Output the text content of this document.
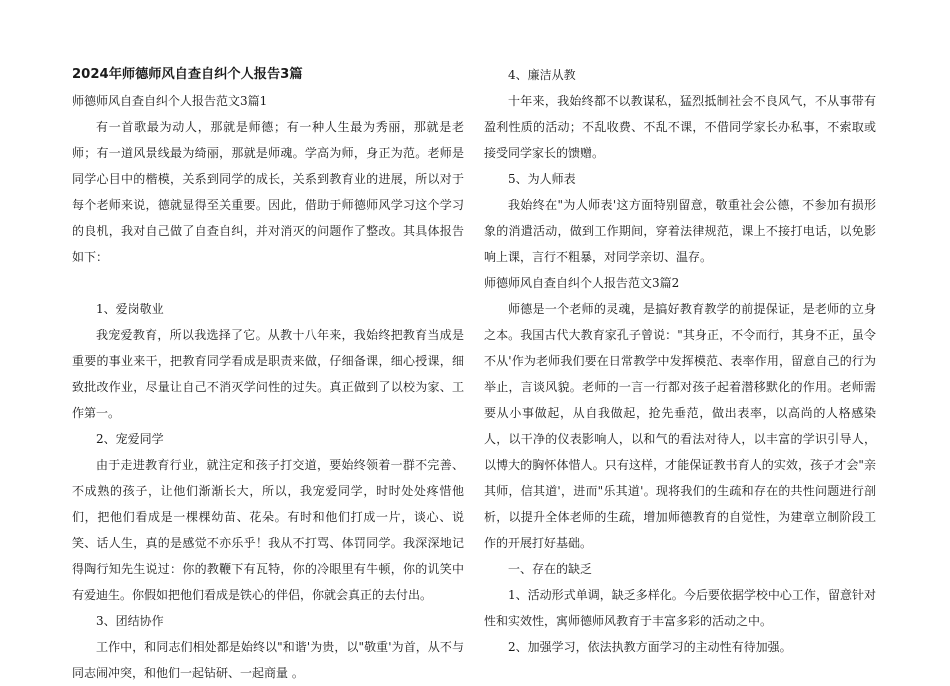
2024年师德师风自查自纠个人报告3篇
师德师风自查自纠个人报告范文3篇1

有一首歌最为动人，那就是师德；有一种人生最为秀丽，那就是老师；有一道风景线最为绮丽，那就是师魂。学高为师，身正为范。老师是同学心目中的楷模，关系到同学的成长，关系到教育业的进展，所以对于每个老师来说，德就显得至关重要。因此，借助于师德师风学习这个学习的良机，我对自己做了自查自纠，并对消灭的问题作了整改。其具体报告如下：

1、爱岗敬业

我宠爱教育，所以我选择了它。从教十八年来，我始终把教育当成是重要的事业来干，把教育同学看成是职责来做，仔细备课，细心授课，细致批改作业，尽量让自己不消灭学问性的过失。真正做到了以校为家、工作第一。

2、宠爱同学

由于走进教育行业，就注定和孩子打交道，要始终领着一群不完善、不成熟的孩子，让他们渐渐长大，所以，我宠爱同学，时时处处疼惜他们，把他们看成是一棵棵幼苗、花朵。有时和他们打成一片，谈心、说笑、话人生，真的是感觉不亦乐乎！我从不打骂、体罚同学。我深深地记得陶行知先生说过：你的教鞭下有瓦特，你的冷眼里有牛顿，你的讥笑中有爱迪生。你假如把他们看成是铁心的伴侣，你就会真正的去付出。

3、团结协作

工作中，和同志们相处都是始终以"和谐'为贵，以"敬重'为首，从不与同志闹冲突，和他们一起钻研、一起商量 。

4、廉洁从教

十年来，我始终都不以教谋私，猛烈抵制社会不良风气，不从事带有盈利性质的活动；不乱收费、不乱不课，不借同学家长办私事，不索取或接受同学家长的馈赠。

5、为人师表

我始终在"为人师表'这方面特别留意，敬重社会公德，不参加有损形象的消遣活动，做到工作期间，穿着法律规范，课上不接打电话，以免影响上课，言行不粗暴，对同学亲切、温存。

师德师风自查自纠个人报告范文3篇2

师德是一个老师的灵魂，是搞好教育教学的前提保证，是老师的立身之本。我国古代大教育家孔子曾说："其身正，不令而行，其身不正，虽令不从'作为老师我们要在日常教学中发挥模范、表率作用，留意自己的行为举止，言谈风貌。老师的一言一行都对孩子起着潜移默化的作用。老师需要从小事做起，从自我做起，抢先垂范，做出表率，以高尚的人格感染人，以干净的仪表影响人，以和气的看法对待人，以丰富的学识引导人，以博大的胸怀体惜人。只有这样，才能保证教书育人的实效，孩子才会"亲其师，信其道'，进而"乐其道'。现将我们的生疏和存在的共性问题进行剖析，以提升全体老师的生疏，增加师德教育的自觉性，为建章立制阶段工作的开展打好基础。

一、存在的缺乏

1、活动形式单调，缺乏多样化。今后要依据学校中心工作，留意针对性和实效性，寓师德师风教育于丰富多彩的活动之中。

2、加强学习，依法执教方面学习的主动性有待加强。
